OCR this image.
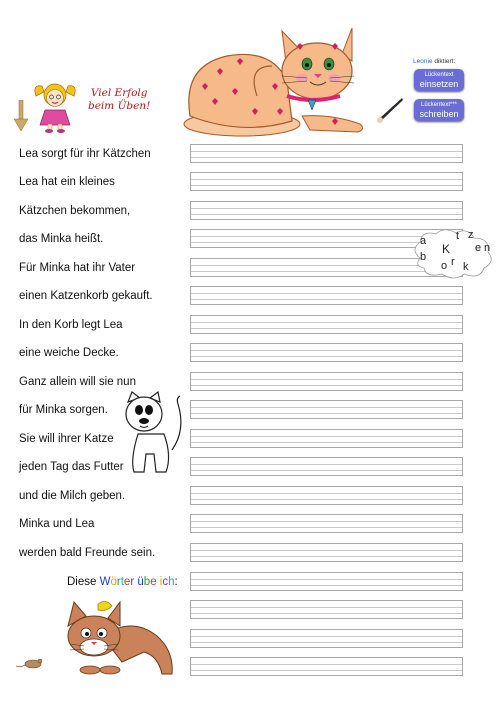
Viel Erfolg
beim Üben!
Leonie diktiert:
Lückentext
einsetzen
Lückentext***
schreiben
Lea sorgt für ihr Kätzchen
Lea hat ein kleines
Kätzchen bekommen,
das Minka heißt.
Für Minka hat ihr Vater
einen Katzenkorb gekauft.
In den Korb legt Lea
eine weiche Decke.
Ganz allein will sie nun
für Minka sorgen.
Sie will ihrer Katze
jeden Tag das Futter
und die Milch geben.
Minka und Lea
werden bald Freunde sein.
Diese Wörter übe ich:
a	t z
K e n
b
o r k
